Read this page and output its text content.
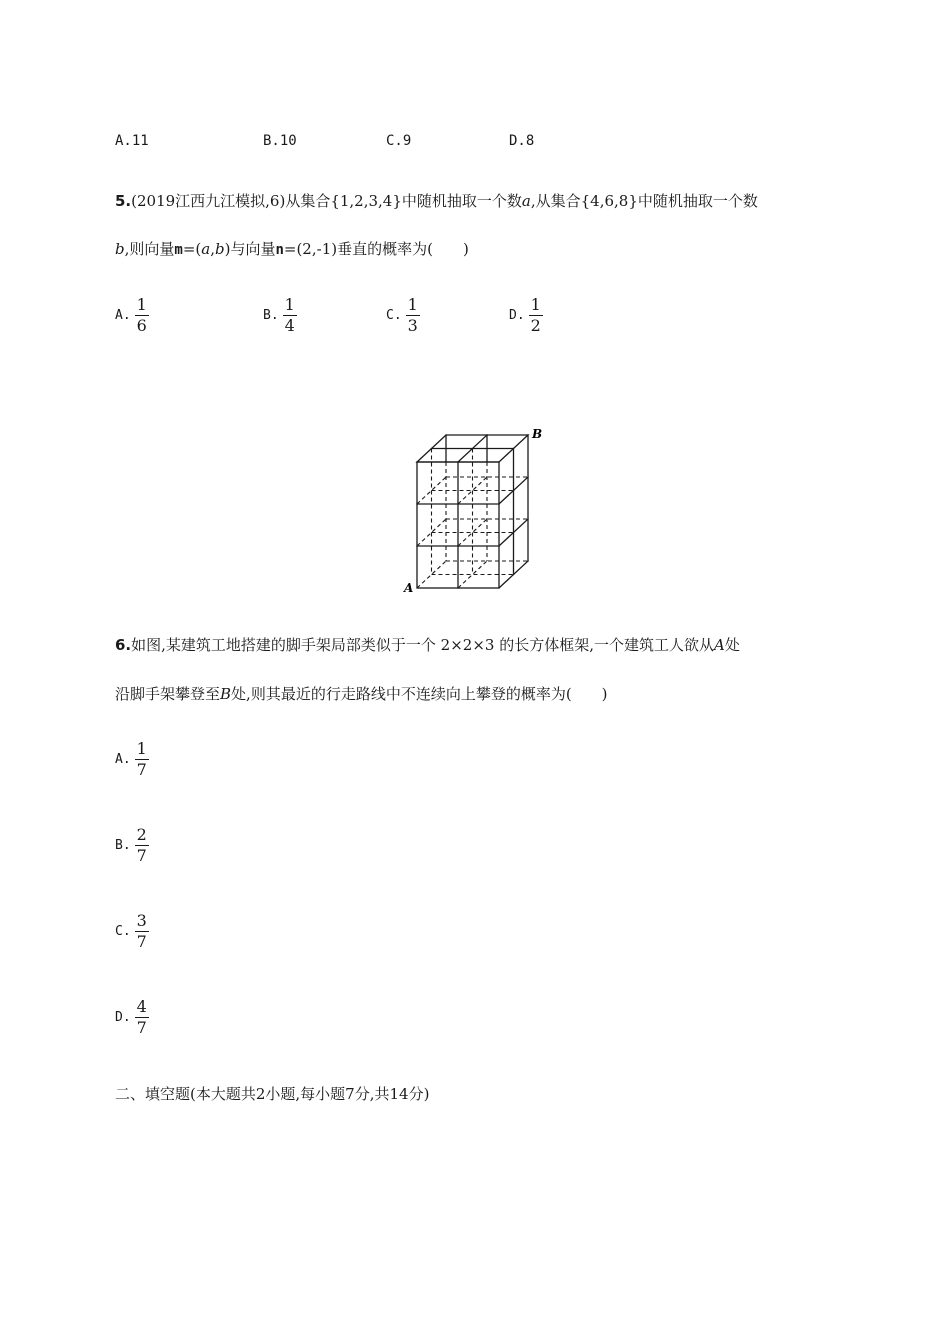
A.11	B.10	C.9	D.8
5.(2019江西九江模拟,6)从集合{1,2,3,4}中随机抽取一个数a,从集合{4,6,8}中随机抽取一个数
b,则向量m=(a,b)与向量n=(2,-1)垂直的概率为(　　)
A. $\frac{1}{6}$	B. $\frac{1}{4}$	C. $\frac{1}{3}$	D. $\frac{1}{2}$
A
B
6.如图,某建筑工地搭建的脚手架局部类似于一个 2×2×3 的长方体框架,一个建筑工人欲从A处
沿脚手架攀登至B处,则其最近的行走路线中不连续向上攀登的概率为(　　)
A. $\frac{1}{7}$
B. $\frac{2}{7}$
C. $\frac{3}{7}$
D. $\frac{4}{7}$
二、填空题(本大题共2小题,每小题7分,共14分)
